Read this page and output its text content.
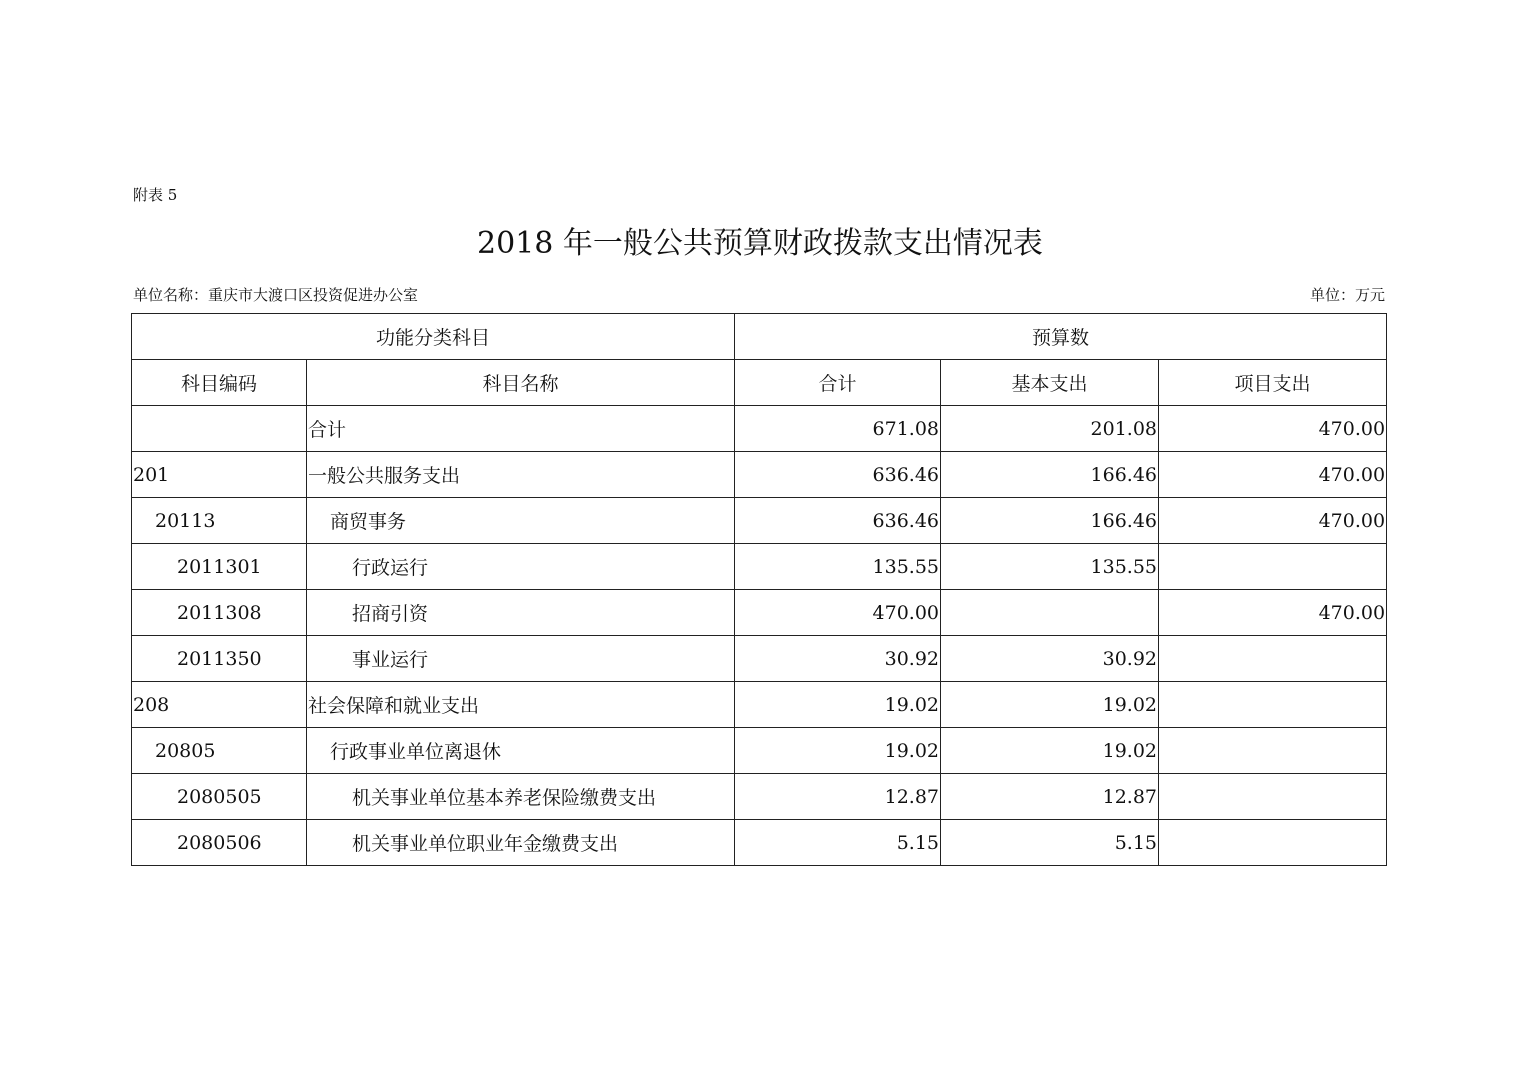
附表 5
2018 年一般公共预算财政拨款支出情况表
单位名称：重庆市大渡口区投资促进办公室	单位：万元
功能分类科目		预算数		
科目编码	科目名称	合计	基本支出	项目支出
	合计	671.08	201.08	470.00
201	一般公共服务支出	636.46	166.46	470.00
20113	商贸事务	636.46	166.46	470.00
2011301	行政运行	135.55	135.55	
2011308	招商引资	470.00		470.00
2011350	事业运行	30.92	30.92	
208	社会保障和就业支出	19.02	19.02	
20805	行政事业单位离退休	19.02	19.02	
2080505	机关事业单位基本养老保险缴费支出	12.87	12.87	
2080506	机关事业单位职业年金缴费支出	5.15	5.15	
